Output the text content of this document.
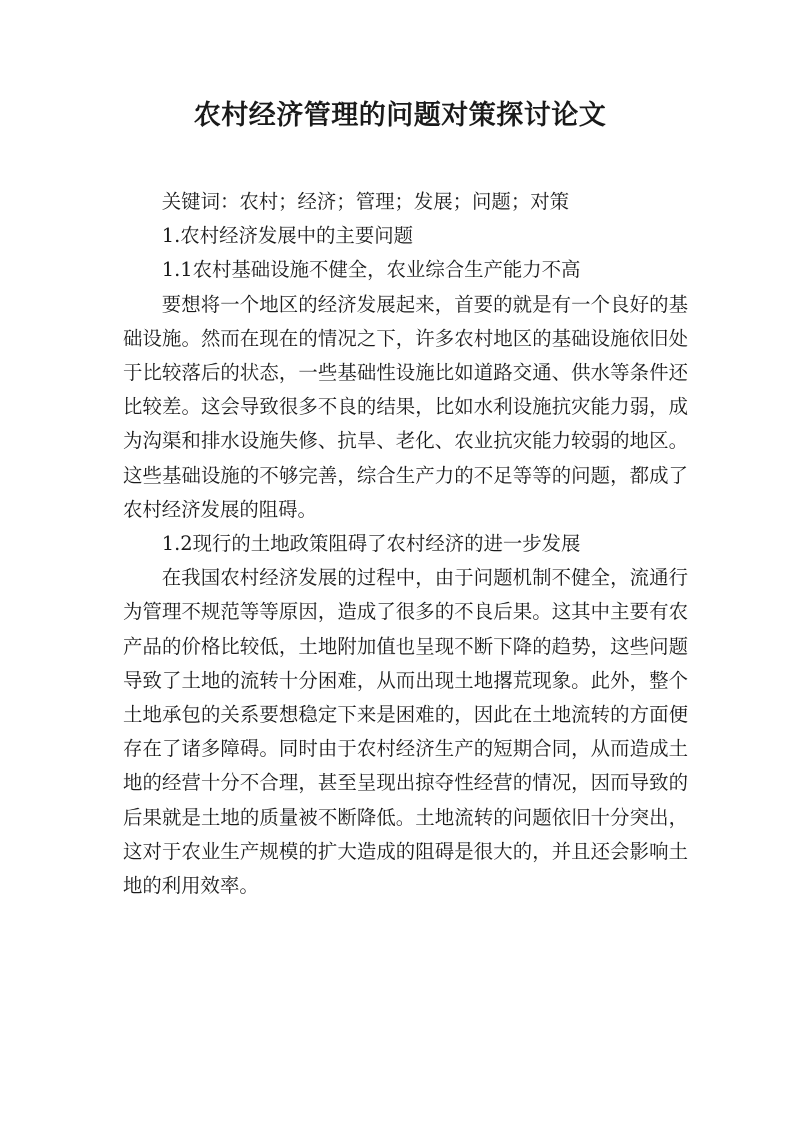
农村经济管理的问题对策探讨论文

关键词：农村；经济；管理；发展；问题；对策

1.农村经济发展中的主要问题

1.1农村基础设施不健全，农业综合生产能力不高

要想将一个地区的经济发展起来，首要的就是有一个良好的基础设施。然而在现在的情况之下，许多农村地区的基础设施依旧处于比较落后的状态，一些基础性设施比如道路交通、供水等条件还比较差。这会导致很多不良的结果，比如水利设施抗灾能力弱，成为沟渠和排水设施失修、抗旱、老化、农业抗灾能力较弱的地区。这些基础设施的不够完善，综合生产力的不足等等的问题，都成了农村经济发展的阻碍。

1.2现行的土地政策阻碍了农村经济的进一步发展

在我国农村经济发展的过程中，由于问题机制不健全，流通行为管理不规范等等原因，造成了很多的不良后果。这其中主要有农产品的价格比较低，土地附加值也呈现不断下降的趋势，这些问题导致了土地的流转十分困难，从而出现土地撂荒现象。此外，整个土地承包的关系要想稳定下来是困难的，因此在土地流转的方面便存在了诸多障碍。同时由于农村经济生产的短期合同，从而造成土地的经营十分不合理，甚至呈现出掠夺性经营的情况，因而导致的后果就是土地的质量被不断降低。土地流转的问题依旧十分突出，这对于农业生产规模的扩大造成的阻碍是很大的，并且还会影响土地的利用效率。
